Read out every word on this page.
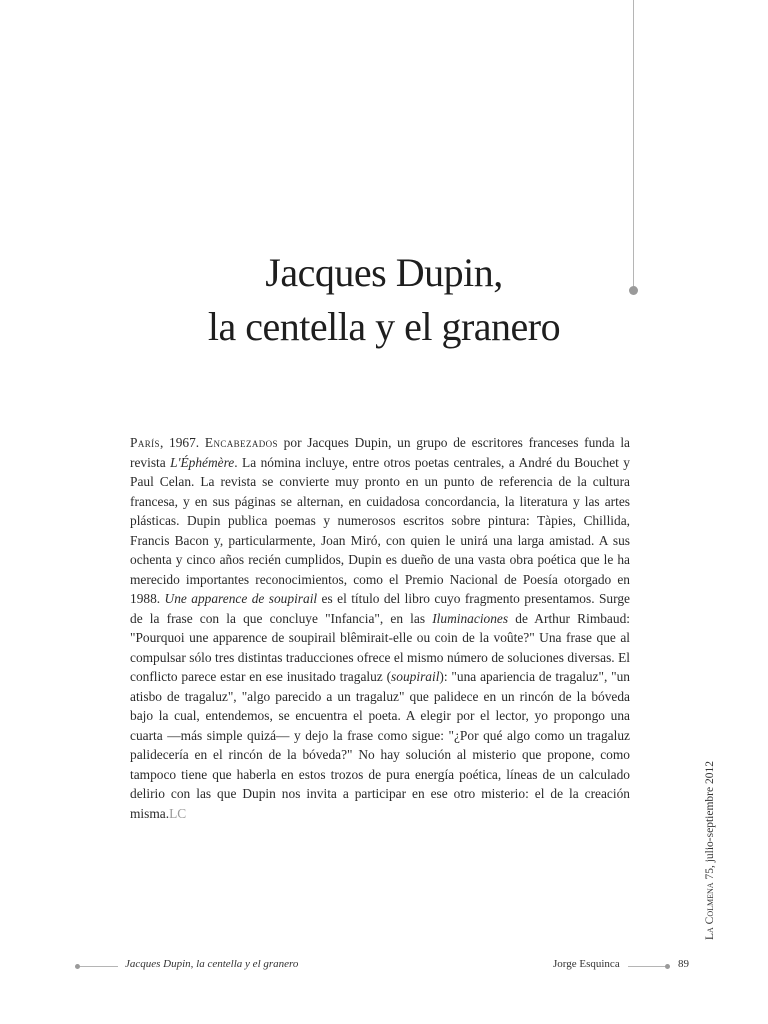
Jacques Dupin,
la centella y el granero

París, 1967. Encabezados por Jacques Dupin, un grupo de escritores franceses funda la revista L'Éphémère. La nómina incluye, entre otros poetas centrales, a André du Bouchet y Paul Celan. La revista se convierte muy pronto en un punto de referencia de la cultura francesa, y en sus páginas se alternan, en cuidadosa concordancia, la literatura y las artes plásticas. Dupin publica poemas y numerosos escritos sobre pintura: Tàpies, Chillida, Francis Bacon y, particularmente, Joan Miró, con quien le unirá una larga amistad. A sus ochenta y cinco años recién cumplidos, Dupin es dueño de una vasta obra poética que le ha merecido importantes reconocimientos, como el Premio Nacional de Poesía otorgado en 1988. Une apparence de soupirail es el título del libro cuyo fragmento presentamos. Surge de la frase con la que concluye "Infancia", en las Iluminaciones de Arthur Rimbaud: "Pourquoi une apparence de soupirail blêmirait-elle ou coin de la voûte?" Una frase que al compulsar sólo tres distintas traducciones ofrece el mismo número de soluciones diversas. El conflicto parece estar en ese inusitado tragaluz (soupirail): "una apariencia de tragaluz", "un atisbo de tragaluz", "algo parecido a un tragaluz" que palidece en un rincón de la bóveda bajo la cual, entendemos, se encuentra el poeta. A elegir por el lector, yo propongo una cuarta —más simple quizá— y dejo la frase como sigue: "¿Por qué algo como un tragaluz palidecería en el rincón de la bóveda?" No hay solución al misterio que propone, como tampoco tiene que haberla en estos trozos de pura energía poética, líneas de un calculado delirio con las que Dupin nos invita a participar en ese otro misterio: el de la creación misma.LC

La Colmena 75, julio-septiembre 2012
Jacques Dupin, la centella y el granero	Jorge Esquinca	89
